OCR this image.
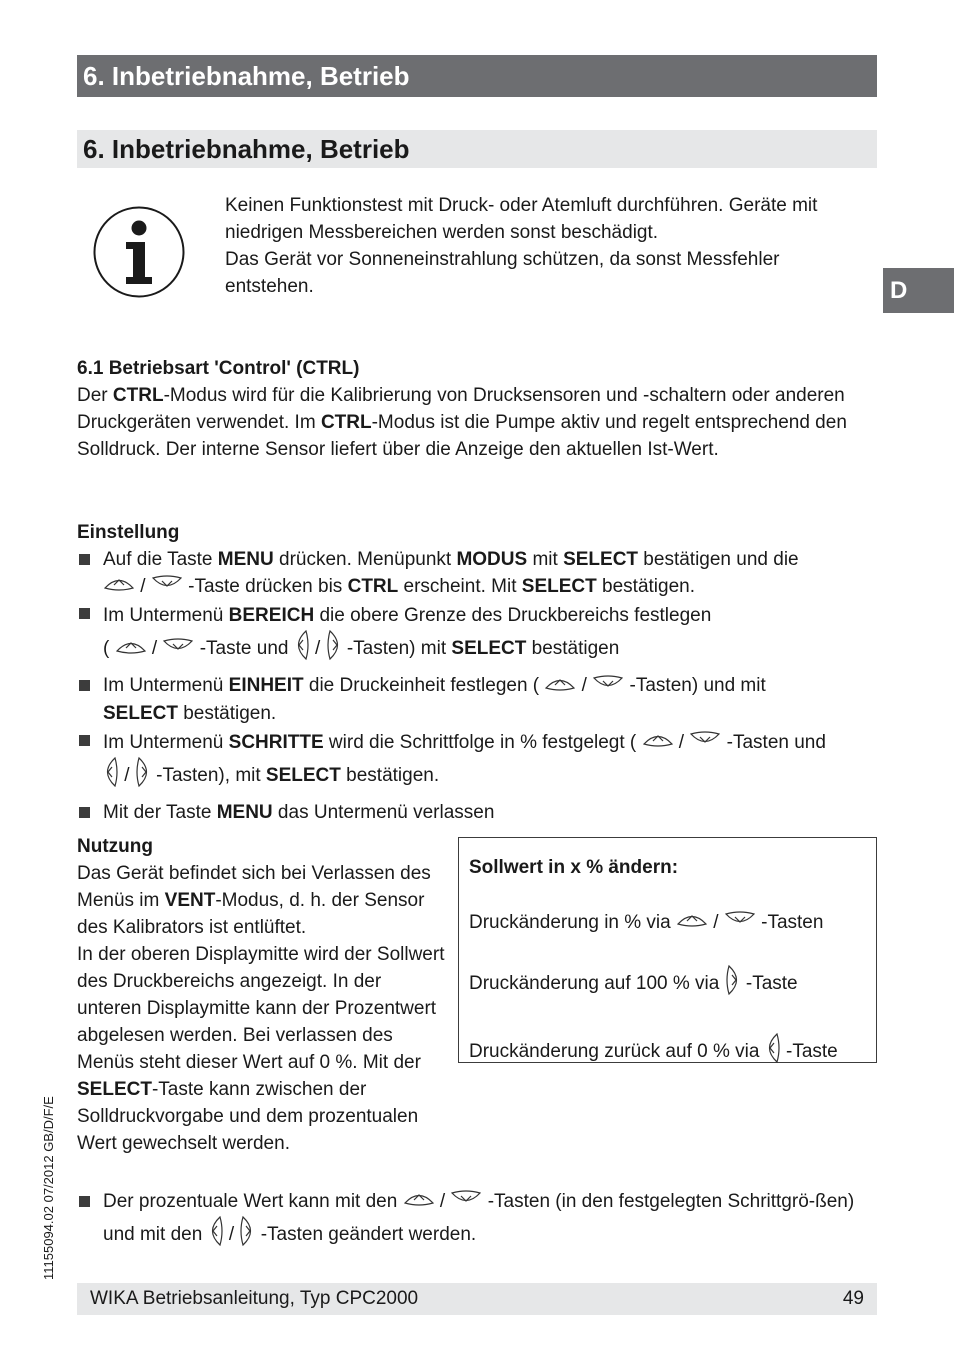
6. Inbetriebnahme, Betrieb
6. Inbetriebnahme, Betrieb
D

Keinen Funktionstest mit Druck- oder Atemluft durchführen. Geräte mit niedrigen Messbereichen werden sonst beschädigt.

Das Gerät vor Sonneneinstrahlung schützen, da sonst Messfehler entstehen.

6.1 Betriebsart 'Control' (CTRL)

Der CTRL-Modus wird für die Kalibrierung von Drucksensoren und -schaltern oder anderen Druckgeräten verwendet. Im CTRL-Modus ist die Pumpe aktiv und regelt entsprechend den Solldruck. Der interne Sensor liefert über die Anzeige den aktuellen Ist-Wert.

Einstellung

Auf die Taste MENU drücken. Menüpunkt MODUS mit SELECT bestätigen und die
/  -Taste drücken bis CTRL erscheint. Mit SELECT bestätigen.
Im Untermenü BEREICH die obere Grenze des Druckbereichs festlegen
(  /  -Taste und  /  -Tasten) mit SELECT bestätigen
Im Untermenü EINHEIT die Druckeinheit festlegen (  /  -Tasten) und mit
SELECT bestätigen.
Im Untermenü SCHRITTE wird die Schrittfolge in % festgelegt (  /  -Tasten und
/  -Tasten), mit SELECT bestätigen.
Mit der Taste MENU das Untermenü verlassen

Nutzung

Das Gerät befindet sich bei Verlassen des Menüs im VENT-Modus, d. h. der Sensor des Kalibrators ist entlüftet.

In der oberen Displaymitte wird der Sollwert des Druckbereichs angezeigt. In der unteren Displaymitte kann der Prozentwert abgelesen werden. Bei verlassen des Menüs steht dieser Wert auf 0 %. Mit der SELECT-Taste kann zwischen der Solldruckvorgabe und dem prozentualen Wert gewechselt werden.

Sollwert in x % ändern:

Druckänderung in % via  /  -Tasten

Druckänderung auf 100 % via  -Taste

Druckänderung zurück auf 0 % via  -Taste

Der prozentuale Wert kann mit den  /  -Tasten (in den festgelegten Schrittgrö-ßen) und mit den  /  -Tasten geändert werden.
11155094.02 07/2012 GB/D/F/E
WIKA Betriebsanleitung, Typ CPC2000	49
